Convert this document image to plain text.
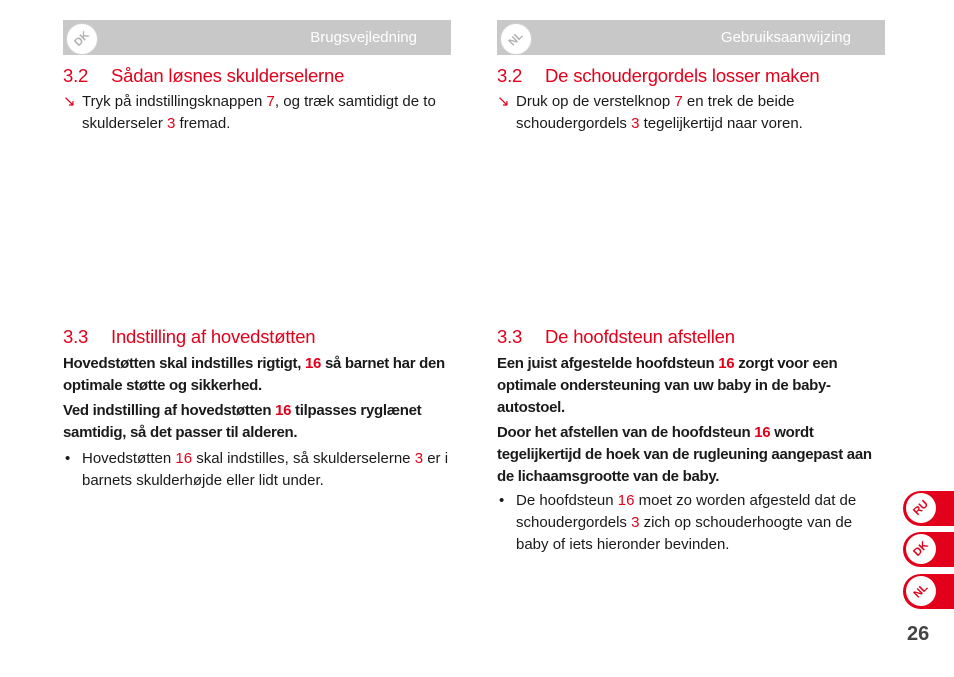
DK	Brugsvejledning	NL	Gebruiksaanwijzing
3.2 Sådan løsnes skulderselerne
↘ Tryk på indstillingsknappen 7, og træk samtidigt de to skulderseler 3 fremad.
3.3 Indstilling af hovedstøtten

Hovedstøtten skal indstilles rigtigt, 16 så barnet har den optimale støtte og sikkerhed.

Ved indstilling af hovedstøtten 16 tilpasses ryglænet samtidig, så det passer til alderen.

• Hovedstøtten 16 skal indstilles, så skulderselerne 3 er i barnets skulderhøjde eller lidt under.
3.2 De schoudergordels losser maken
↘ Druk op de verstelknop 7 en trek de beide schoudergordels 3 tegelijkertijd naar voren.
3.3 De hoofdsteun afstellen

Een juist afgestelde hoofdsteun 16 zorgt voor een optimale ondersteuning van uw baby in de baby-autostoel.

Door het afstellen van de hoofdsteun 16 wordt tegelijkertijd de hoek van de rugleuning aangepast aan de lichaamsgrootte van de baby.

• De hoofdsteun 16 moet zo worden afgesteld dat de schoudergordels 3 zich op schouderhoogte van de baby of iets hieronder bevinden.
RU
DK
NL
26
